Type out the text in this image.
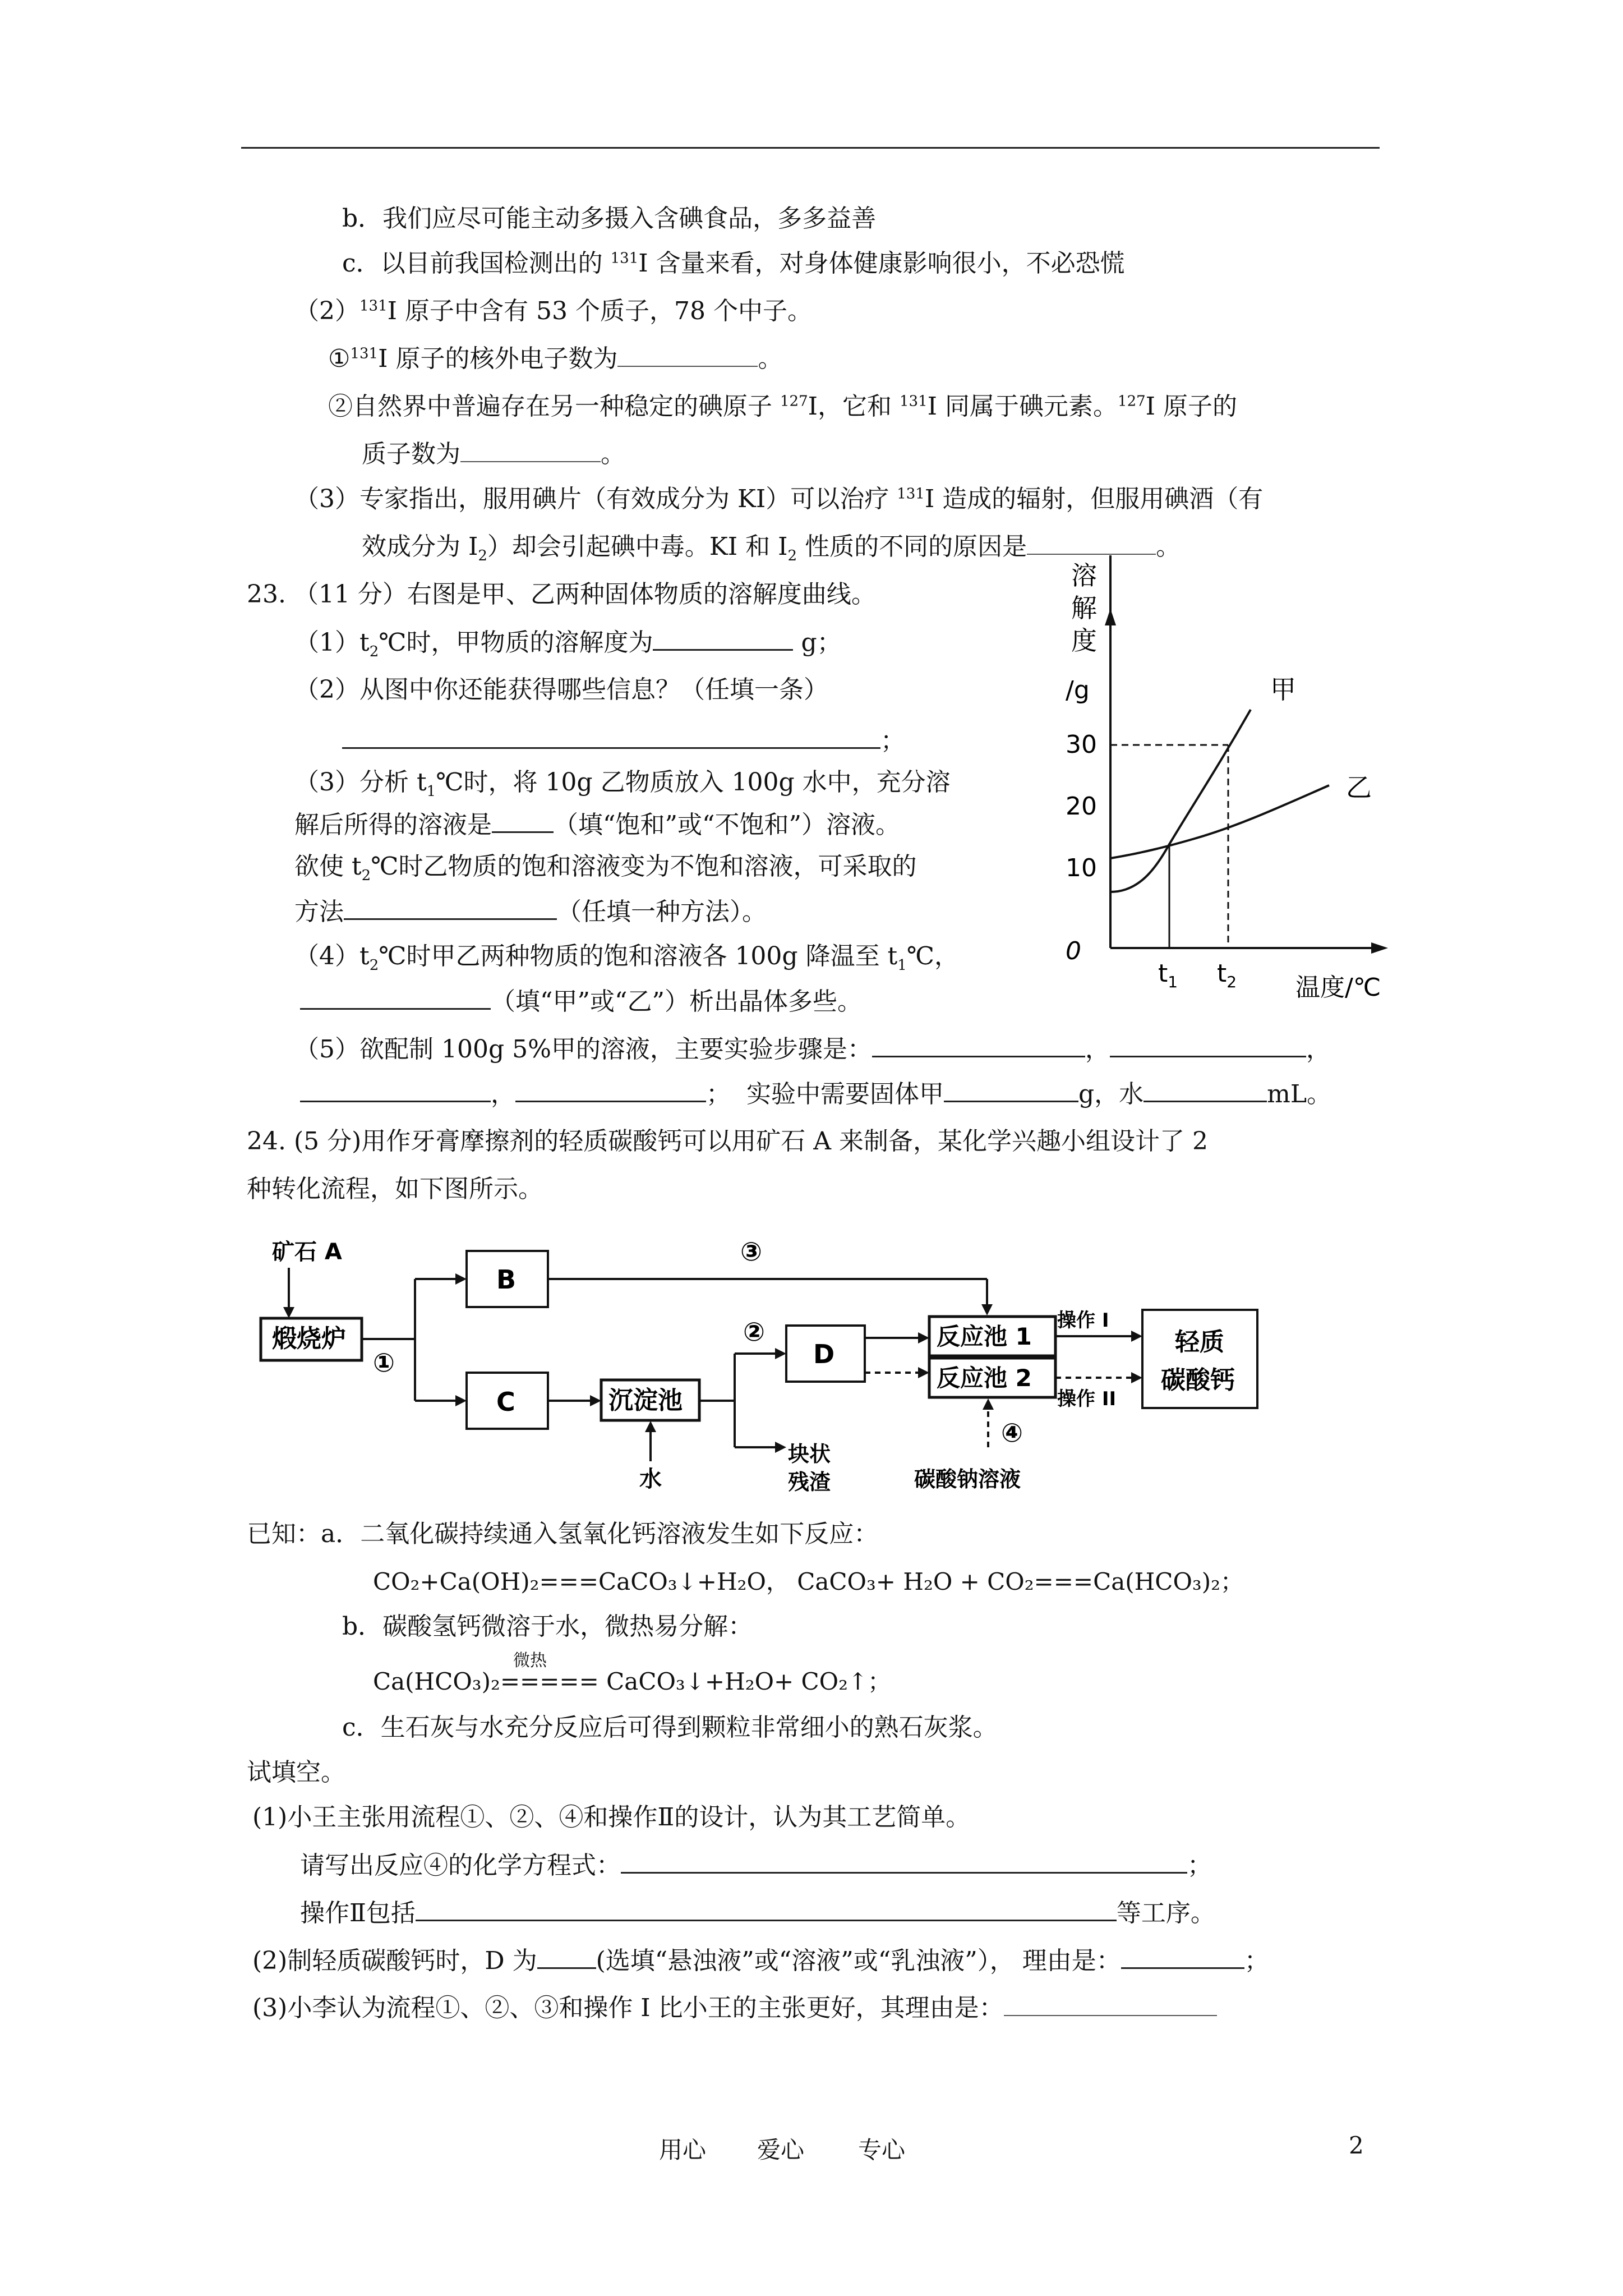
b．我们应尽可能主动多摄入含碘食品，多多益善
c．以目前我国检测出的 $^{131}$I 含量来看，对身体健康影响很小，不必恐慌
$(2)^{131}I$ 原子中含有 53 个质子，78 个中子。
①$^{131}$I 原子的核外电子数为	。
②自然界中普遍存在另一种稳定的碘原子 $^{127}$I，它和 $^{131}$I 同属于碘元素。$^{127}$I 原子的
质子数为	。
（3）专家指出，服用碘片（有效成分为 KI）可以治疗 $^{131}$I 造成的辐射，但服用碘酒（有
效成分为 $I_2$）却会引起碘中毒。KI 和 $I_2$ 性质的不同的原因是	。
23. （11 分）右图是甲、乙两种固体物质的溶解度曲线。
$(1)t_2℃$时，甲物质的溶解度为	g；
（2）从图中你还能获得哪些信息？（任填一条）
；
（3）分析 $t_1℃$时，将 10g 乙物质放入 100g 水中，充分溶
解后所得的溶液是	（填“饱和”或“不饱和”）溶液。
欲使 $t_2℃$时乙物质的饱和溶液变为不饱和溶液，可采取的
方法	（任填一种方法）。
$(4)t_2℃$时甲乙两种物质的饱和溶液各 100g 降温至 $t_1℃$，
（填“甲”或“乙”）析出晶体多些。
（5）欲配制 100g 5%甲的溶液，主要实验步骤是：	，	，
，	； 实验中需要固体甲	g，水	mL。
溶
解
度
/g
30
20
10
0
甲
乙
$t_1$ $t_2$ 温度/℃
24. (5 分)用作牙膏摩擦剂的轻质碳酸钙可以用矿石 A 来制备，某化学兴趣小组设计了 2
种转化流程，如下图所示。
矿石 A
煅烧炉
①
B
C
③
沉淀池
水
②
块状
残渣
D
反应池 1
反应池 2
④
碳酸钠溶液
操作 I
操作 II
轻质
碳酸钙
已知：a．二氧化碳持续通入氢氧化钙溶液发生如下反应：
CO₂+Ca(OH)₂===CaCO₃↓+H₂O， CaCO₃+ H₂O + CO₂===Ca(HCO₃)₂；
b．碳酸氢钙微溶于水，微热易分解：
微热
Ca(HCO₃)₂===== CaCO₃↓+H₂O+ CO₂↑；
c．生石灰与水充分反应后可得到颗粒非常细小的熟石灰浆。
试填空。
(1)小王主张用流程①、②、④和操作Ⅱ的设计，认为其工艺简单。
请写出反应④的化学方程式：	；
操作Ⅱ包括	等工序。
(2)制轻质碳酸钙时，D 为 (选填“悬浊液”或“溶液”或“乳浊液”）， 理由是：	；
(3)小李认为流程①、②、③和操作 I 比小王的主张更好，其理由是：
用心 爱心 专心	2
